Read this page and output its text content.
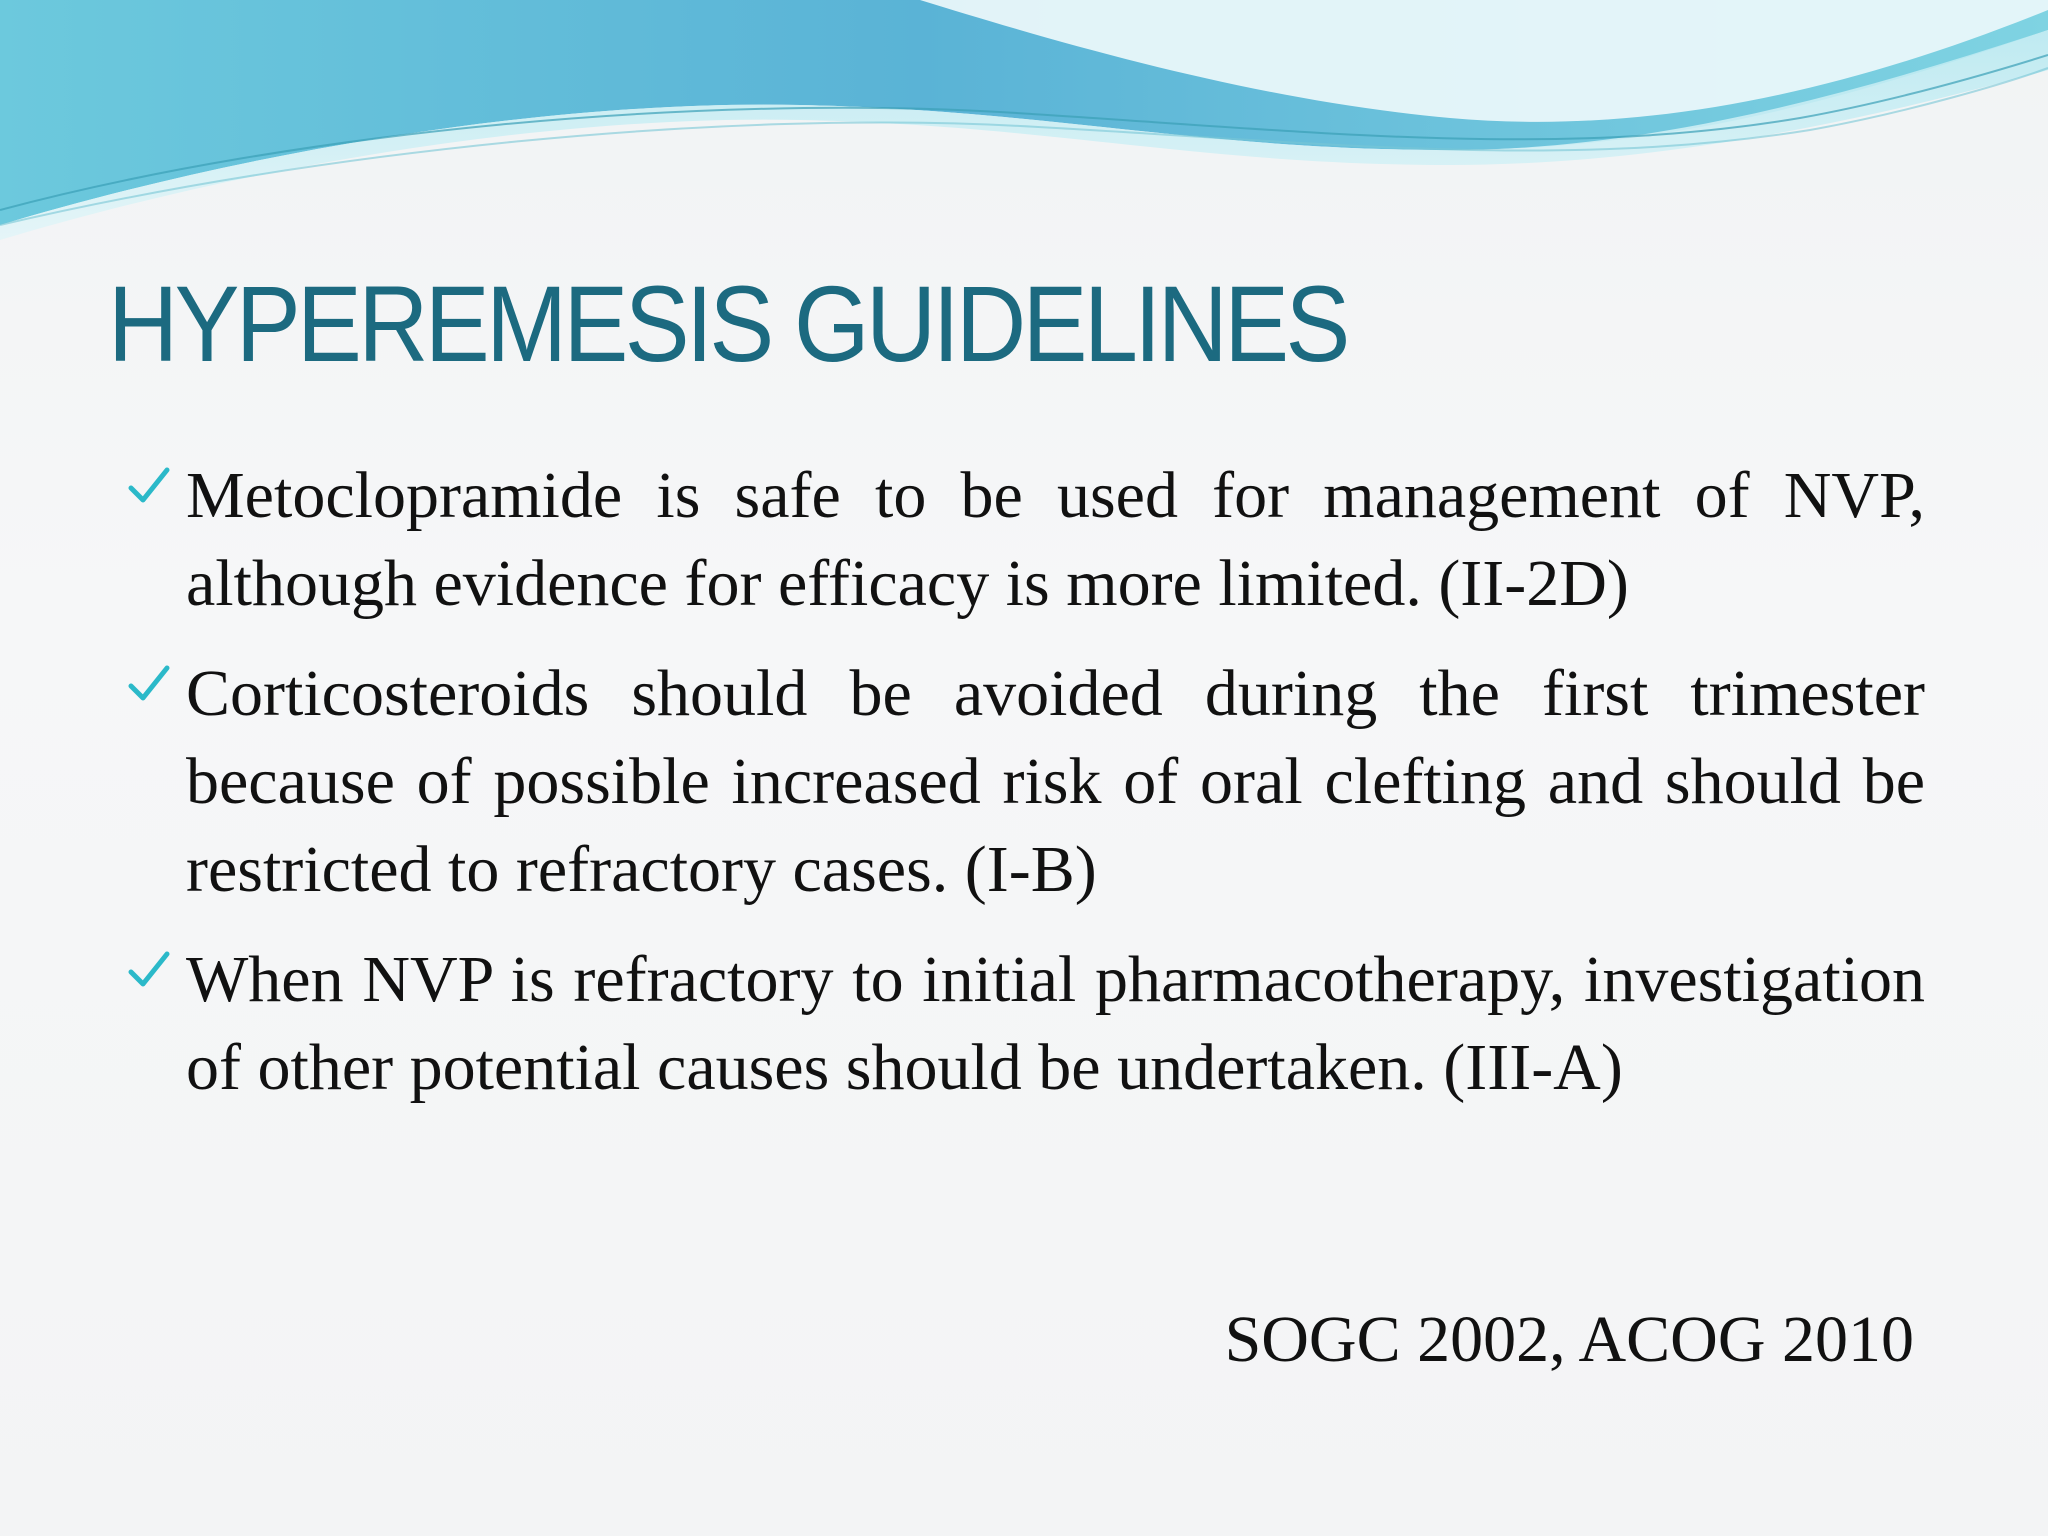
HYPEREMESIS GUIDELINES
Metoclopramide is safe to be used for management of NVP, although evidence for efficacy is more limited. (II-2D)
Corticosteroids should be avoided during the first trimester because of possible increased risk of oral clefting and should be restricted to refractory cases. (I-B)
When NVP is refractory to initial pharmacotherapy, investigation of other potential causes should be undertaken. (III-A)

SOGC 2002, ACOG 2010
